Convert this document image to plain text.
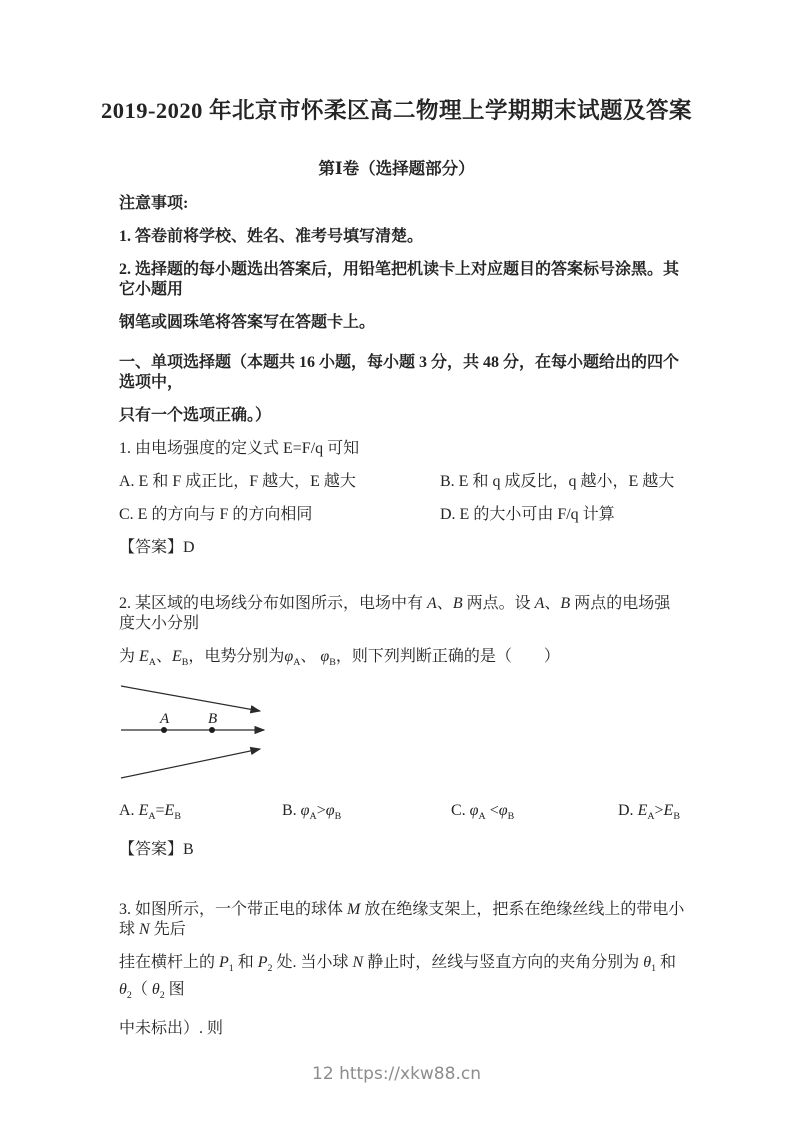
2019-2020 年北京市怀柔区高二物理上学期期末试题及答案
第Ⅰ卷（选择题部分）

注意事项:

1. 答卷前将学校、姓名、准考号填写清楚。

2. 选择题的每小题选出答案后，用铅笔把机读卡上对应题目的答案标号涂黑。其它小题用

钢笔或圆珠笔将答案写在答题卡上。

一、单项选择题（本题共 16 小题，每小题 3 分，共 48 分，在每小题给出的四个选项中，

只有一个选项正确。）

1. 由电场强度的定义式 E=F/q 可知

A. E 和 F 成正比，F 越大，E 越大	B. E 和 q 成反比，q 越小，E 越大
C. E 的方向与 F 的方向相同	D. E 的大小可由 F/q 计算

【答案】D

2. 某区域的电场线分布如图所示，电场中有 A、B 两点。设 A、B 两点的电场强度大小分别

为 $E_A$、$E_B$，电势分别为$\varphi_A$、 $\varphi_B$，则下列判断正确的是（　　）

A	B
A. $E_A=E_B$	B. $\varphi_A>\varphi_B$	C. $\varphi_A <\varphi_B$	D. $E_A>E_B$

【答案】B

3. 如图所示，一个带正电的球体 M 放在绝缘支架上，把系在绝缘丝线上的带电小球 N 先后

挂在横杆上的 $P_1$ 和 $P_2$ 处. 当小球 N 静止时，丝线与竖直方向的夹角分别为 $\theta_1$ 和 $\theta_2$（ $\theta_2$ 图

中未标出）. 则

12 https://xkw88.cn
